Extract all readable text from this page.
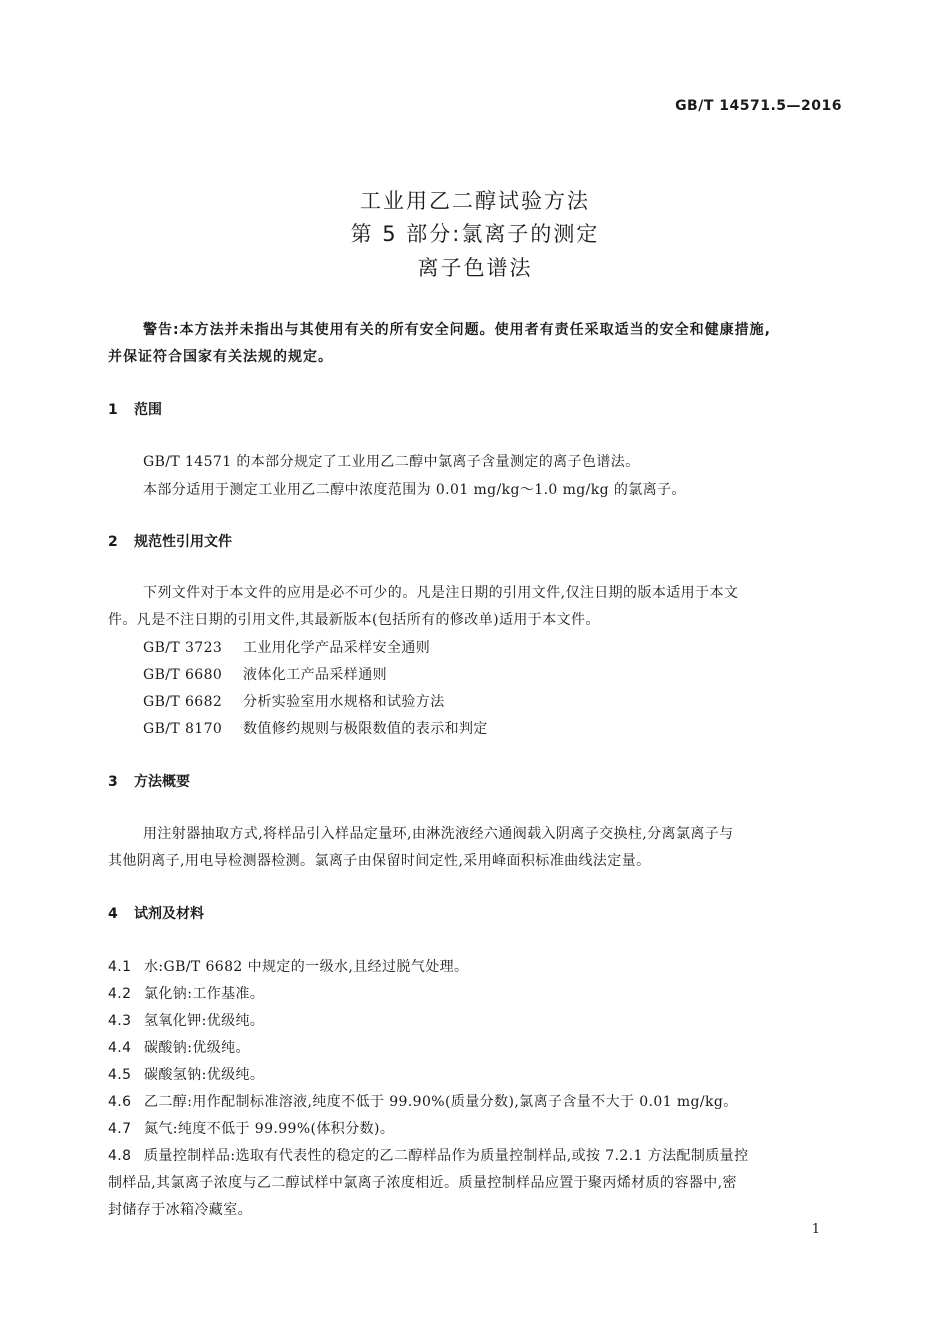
GB/T 14571.5—2016
工业用乙二醇试验方法
第 5 部分:氯离子的测定
离子色谱法
警告:本方法并未指出与其使用有关的所有安全问题。使用者有责任采取适当的安全和健康措施,
并保证符合国家有关法规的规定。
1 范围
GB/T 14571 的本部分规定了工业用乙二醇中氯离子含量测定的离子色谱法。
本部分适用于测定工业用乙二醇中浓度范围为 0.01 mg/kg～1.0 mg/kg 的氯离子。
2 规范性引用文件
下列文件对于本文件的应用是必不可少的。凡是注日期的引用文件,仅注日期的版本适用于本文
件。凡是不注日期的引用文件,其最新版本(包括所有的修改单)适用于本文件。
GB/T 3723 工业用化学产品采样安全通则
GB/T 6680 液体化工产品采样通则
GB/T 6682 分析实验室用水规格和试验方法
GB/T 8170 数值修约规则与极限数值的表示和判定
3 方法概要
用注射器抽取方式,将样品引入样品定量环,由淋洗液经六通阀载入阴离子交换柱,分离氯离子与
其他阴离子,用电导检测器检测。氯离子由保留时间定性,采用峰面积标准曲线法定量。
4 试剂及材料
4.1 水:GB/T 6682 中规定的一级水,且经过脱气处理。
4.2 氯化钠:工作基准。
4.3 氢氧化钾:优级纯。
4.4 碳酸钠:优级纯。
4.5 碳酸氢钠:优级纯。
4.6 乙二醇:用作配制标准溶液,纯度不低于 99.90%(质量分数),氯离子含量不大于 0.01 mg/kg。
4.7 氮气:纯度不低于 99.99%(体积分数)。
4.8 质量控制样品:选取有代表性的稳定的乙二醇样品作为质量控制样品,或按 7.2.1 方法配制质量控
制样品,其氯离子浓度与乙二醇试样中氯离子浓度相近。质量控制样品应置于聚丙烯材质的容器中,密
封储存于冰箱冷藏室。
1
